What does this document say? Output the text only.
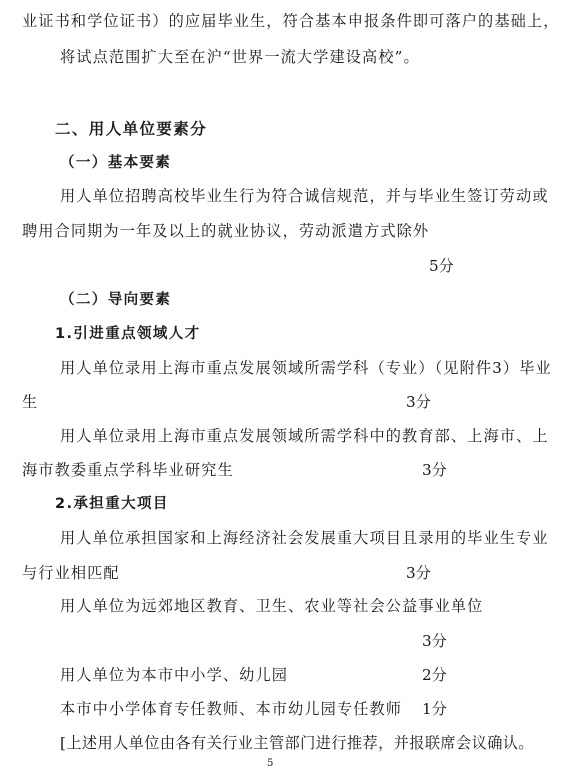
业证书和学位证书）的应届毕业生，符合基本申报条件即可落户的基础上，
将试点范围扩大至在沪“世界一流大学建设高校”。
二、用人单位要素分
（一）基本要素
用人单位招聘高校毕业生行为符合诚信规范，并与毕业生签订劳动或
聘用合同期为一年及以上的就业协议，劳动派遣方式除外
5分
（二）导向要素
1.引进重点领域人才
用人单位录用上海市重点发展领域所需学科（专业）（见附件3）毕业
生	3分
用人单位录用上海市重点发展领域所需学科中的教育部、上海市、上
海市教委重点学科毕业研究生	3分
2.承担重大项目
用人单位承担国家和上海经济社会发展重大项目且录用的毕业生专业
与行业相匹配	3分
用人单位为远郊地区教育、卫生、农业等社会公益事业单位
3分
用人单位为本市中小学、幼儿园	2分
本市中小学体育专任教师、本市幼儿园专任教师 1分
[上述用人单位由各有关行业主管部门进行推荐，并报联席会议确认。
5
